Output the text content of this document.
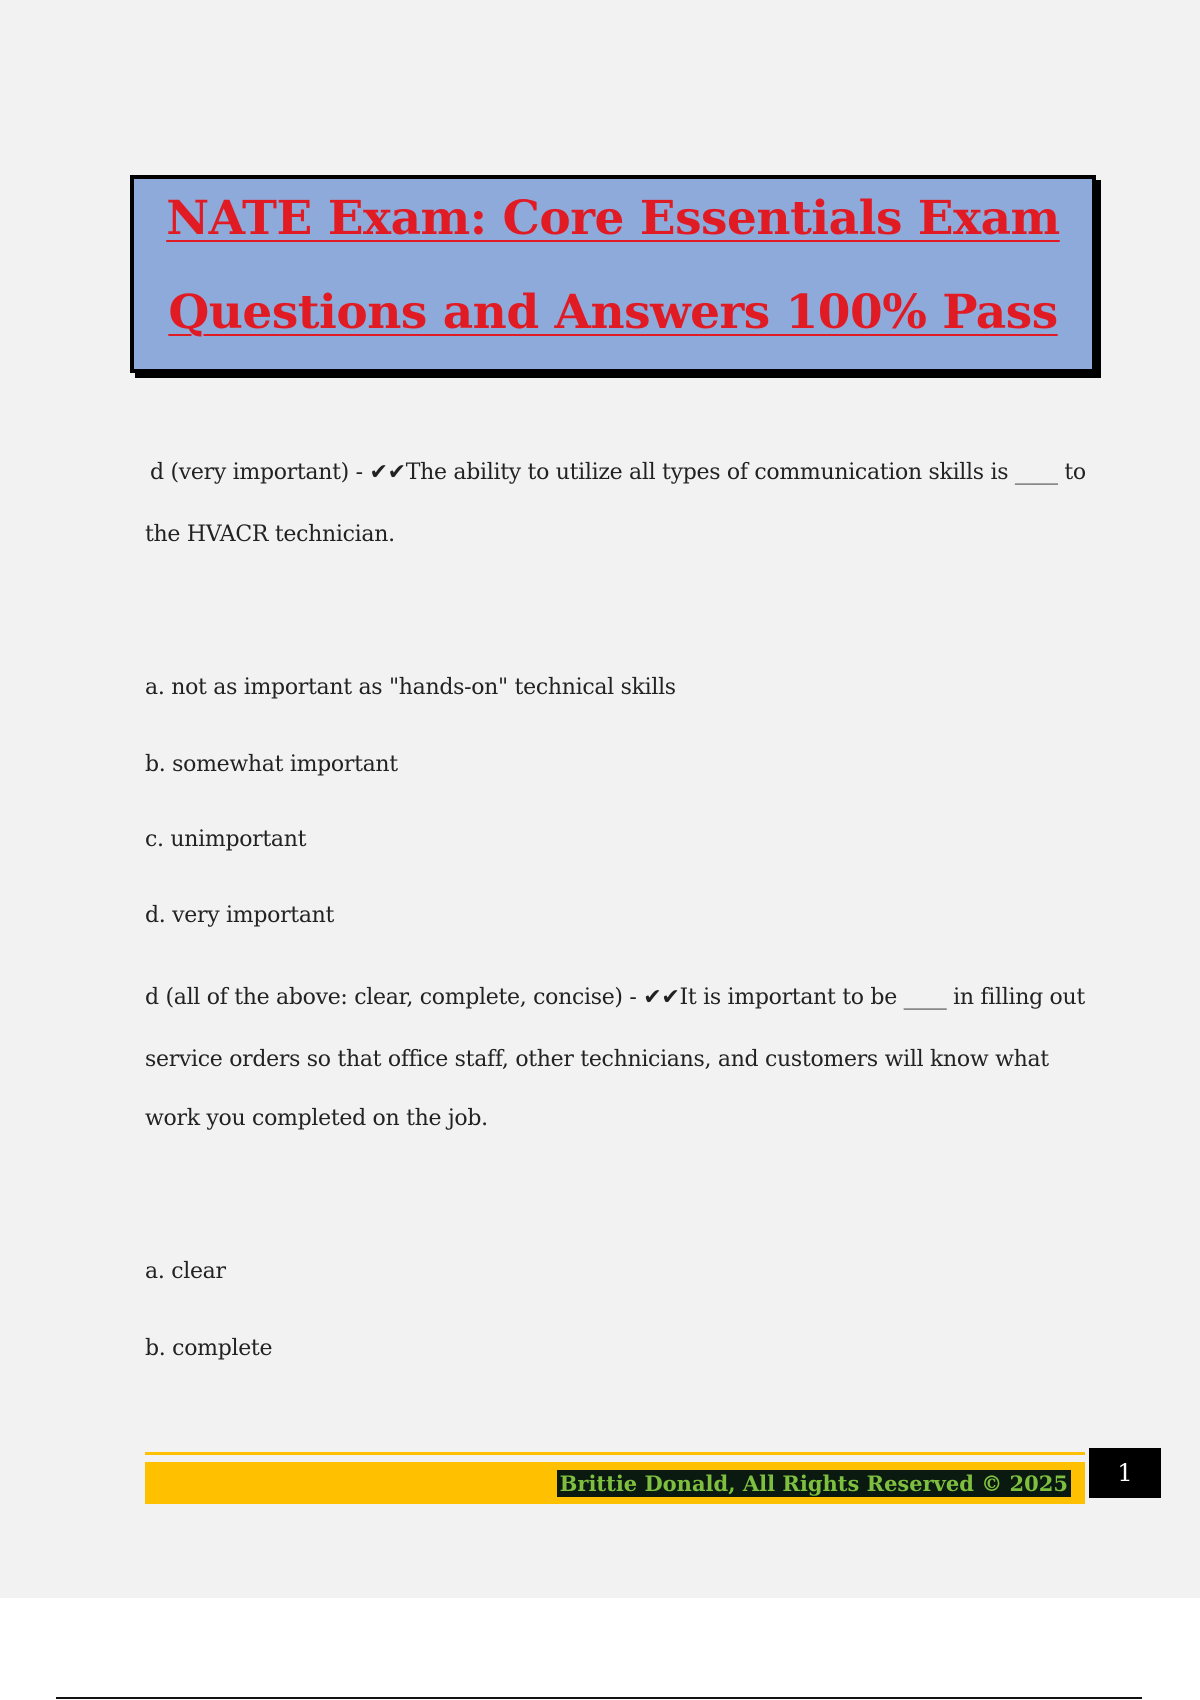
NATE Exam: Core Essentials Exam
Questions and Answers 100% Pass
d (very important) - ✔✔The ability to utilize all types of communication skills is ____ to
the HVACR technician.
a. not as important as "hands-on" technical skills
b. somewhat important
c. unimportant
d. very important
d (all of the above: clear, complete, concise) - ✔✔It is important to be ____ in filling out
service orders so that office staff, other technicians, and customers will know what
work you completed on the job.
a. clear
b. complete
Brittie Donald, All Rights Reserved © 2025	1
